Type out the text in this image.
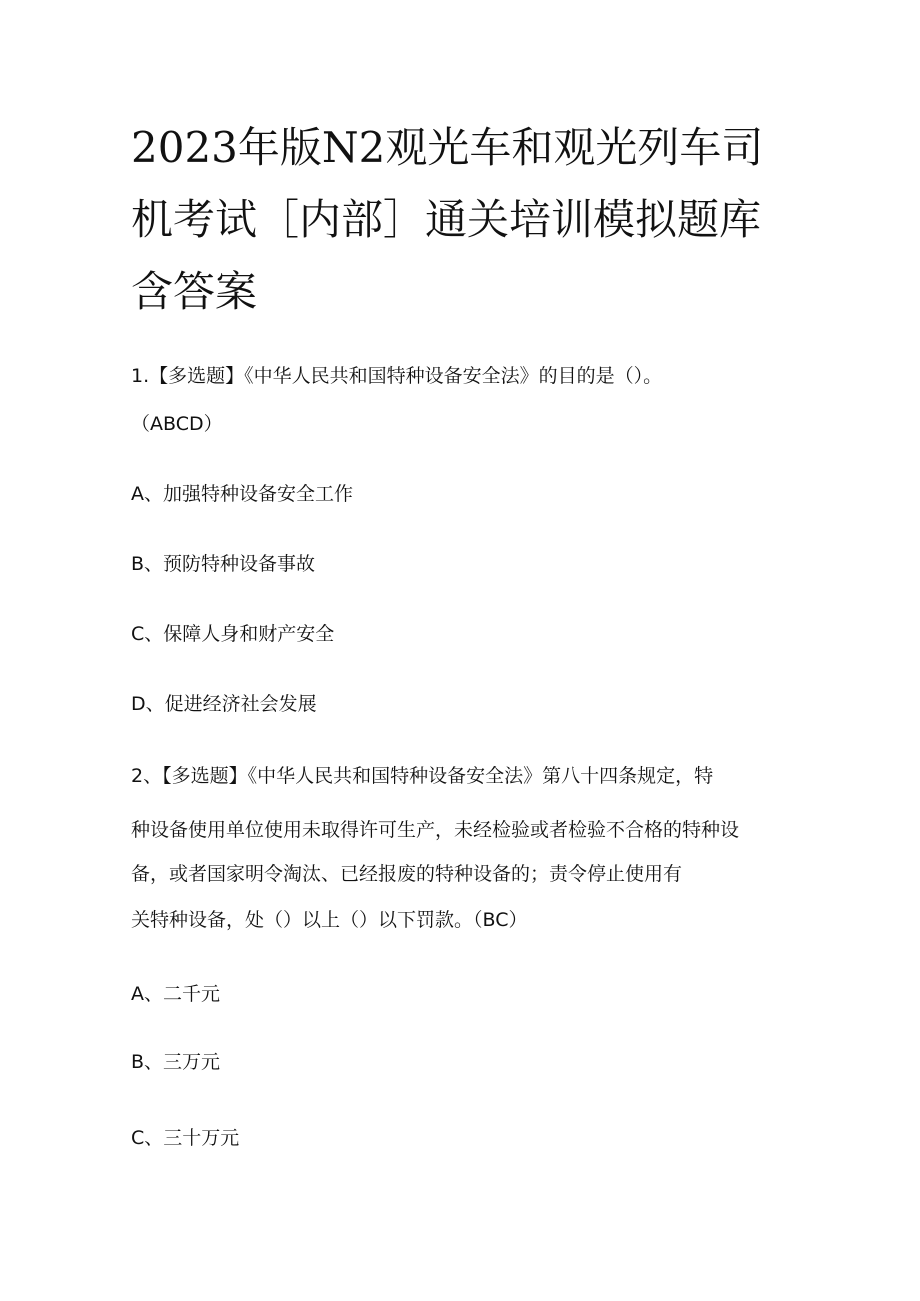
2023年版N2观光车和观光列车司机考试［内部］通关培训模拟题库含答案

1.【多选题】《中华人民共和国特种设备安全法》的目的是（）。

（ABCD）

A、加强特种设备安全工作

B、预防特种设备事故

C、保障人身和财产安全

D、促进经济社会发展

2、【多选题】《中华人民共和国特种设备安全法》第八十四条规定，特

种设备使用单位使用未取得许可生产，未经检验或者检验不合格的特种设

备，或者国家明令淘汰、已经报废的特种设备的；责令停止使用有

关特种设备，处（）以上（）以下罚款。（BC）

A、二千元

B、三万元

C、三十万元
